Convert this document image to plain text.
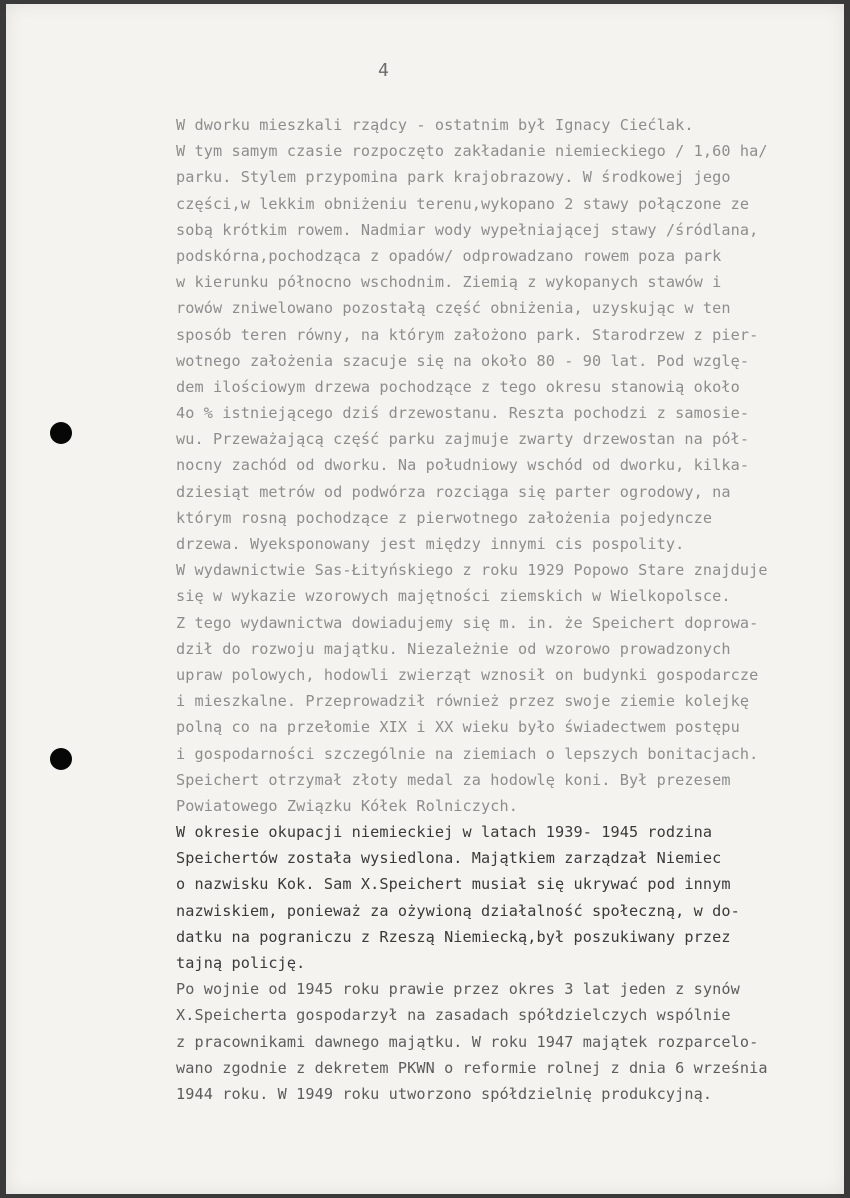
4
W dworku mieszkali rządcy - ostatnim był Ignacy Ciećlak.
W tym samym czasie rozpoczęto zakładanie niemieckiego / 1,60 ha/
parku. Stylem przypomina park krajobrazowy. W środkowej jego
części,w lekkim obniżeniu terenu,wykopano 2 stawy połączone ze
sobą krótkim rowem. Nadmiar wody wypełniającej stawy /śródlana,
podskórna,pochodząca z opadów/ odprowadzano rowem poza park
w kierunku północno wschodnim. Ziemią z wykopanych stawów i
rowów zniwelowano pozostałą część obniżenia, uzyskując w ten
sposób teren równy, na którym założono park. Starodrzew z pier-
wotnego założenia szacuje się na około 80 - 90 lat. Pod wzglę-
dem ilościowym drzewa pochodzące z tego okresu stanowią około
4o % istniejącego dziś drzewostanu. Reszta pochodzi z samosie-
wu. Przeważającą część parku zajmuje zwarty drzewostan na pół-
nocny zachód od dworku. Na południowy wschód od dworku, kilka-
dziesiąt metrów od podwórza rozciąga się parter ogrodowy, na
którym rosną pochodzące z pierwotnego założenia pojedyncze
drzewa. Wyeksponowany jest między innymi cis pospolity.
W wydawnictwie Sas-Łityńskiego z roku 1929 Popowo Stare znajduje
się w wykazie wzorowych majętności ziemskich w Wielkopolsce.
Z tego wydawnictwa dowiadujemy się m. in. że Speichert doprowa-
dził do rozwoju majątku. Niezależnie od wzorowo prowadzonych
upraw polowych, hodowli zwierząt wznosił on budynki gospodarcze
i mieszkalne. Przeprowadził również przez swoje ziemie kolejkę
polną co na przełomie XIX i XX wieku było świadectwem postępu
i gospodarności szczególnie na ziemiach o lepszych bonitacjach.
Speichert otrzymał złoty medal za hodowlę koni. Był prezesem
Powiatowego Związku Kółek Rolniczych.
W okresie okupacji niemieckiej w latach 1939- 1945 rodzina
Speichertów została wysiedlona. Majątkiem zarządzał Niemiec
o nazwisku Kok. Sam X.Speichert musiał się ukrywać pod innym
nazwiskiem, ponieważ za ożywioną działalność społeczną, w do-
datku na pograniczu z Rzeszą Niemiecką,był poszukiwany przez
tajną policję.
Po wojnie od 1945 roku prawie przez okres 3 lat jeden z synów
X.Speicherta gospodarzył na zasadach spółdzielczych wspólnie
z pracownikami dawnego majątku. W roku 1947 majątek rozparcelo-
wano zgodnie z dekretem PKWN o reformie rolnej z dnia 6 września
1944 roku. W 1949 roku utworzono spółdzielnię produkcyjną.
